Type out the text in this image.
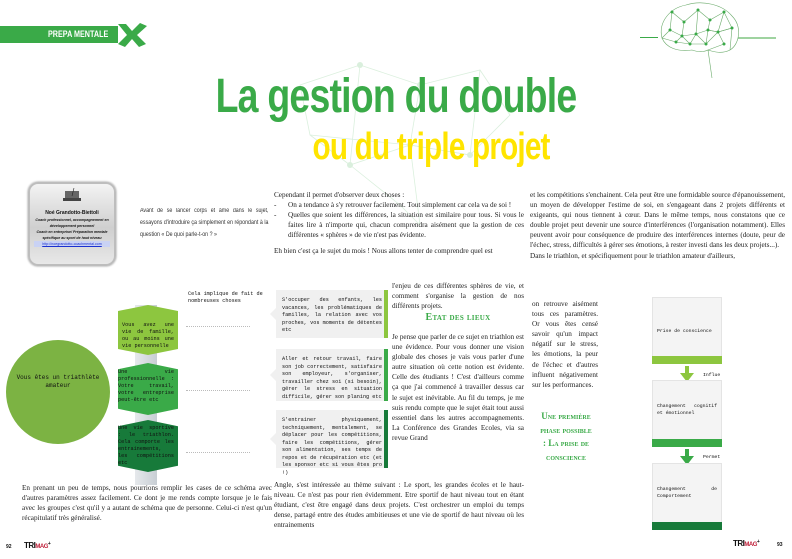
PREPA MENTALE
La gestion du double
ou du triple projet
Noé Grandotto-Biettoli
Coach professionnel, accompagnement en
développement personnel
Coach en entreprise/ Préparation mentale
spécifique au sport de haut niveau
http://noegrandotto-coachmental.com
Avant de se lancer corps et âme dans le sujet, essayons d'introduire ça simplement en répondant à la question « De quoi parle-t-on ? »
Vous êtes un triathlète amateur
Vous avez une vie de famille, ou au moins une vie personnelle
Une vie professionnelle : Votre travail, votre entreprise peut-être etc
Une vie sportive : le triathlon. Cela comporte les entrainements, les compétitions etc
Cela implique de fait de nombreuses choses	S'occuper des enfants, les vacances, les problématiques de familles, la relation avec vos proches, vos moments de détentes etc
Aller et retour travail, faire son job correctement, satisfaire son employeur, s'organiser, travailler chez soi (si besoin), gérer le stress en situation difficile, gérer son planing etc
S'entrainer physiquement, techniquement, mentalement, se déplacer pour les compétitions, faire les compétitions, gérer son alimentation, ses temps de repos et de récupération etc (et les sponsor etc si vous êtes pro !)

Cependant il permet d'observer deux choses :

-	On a tendance à s'y retrouver facilement. Tout simplement car cela va de soi !

-	Quelles que soient les différences, la situation est similaire pour tous. Si vous le faites lire à n'importe qui, chacun comprendra aisément que la gestion de ces différentes « sphères » de vie n'est pas évidente.

Eh bien c'est ça le sujet du mois ! Nous allons tenter de comprendre quel est

l'enjeu de ces différentes sphères de vie, et comment s'organise la gestion de nos différents projets.
Etat des lieux
Je pense que parler de ce sujet en triathlon est une évidence. Pour vous donner une vision globale des choses je vais vous parler d'une autre situation où cette notion est évidente. Celle des étudiants ! C'est d'ailleurs comme ça que j'ai commencé à travailler dessus car le sujet est inévitable. Au fil du temps, je me suis rendu compte que le sujet était tout aussi essentiel dans les autres accompagnements. La Conférence des Grandes Ecoles, via sa revue Grand
Angle, s'est intéressée au thème suivant : Le sport, les grandes écoles et le haut-niveau. Ce n'est pas pour rien évidemment. Etre sportif de haut niveau tout en étant étudiant, c'est être engagé dans deux projets. C'est orchestrer un emploi du temps dense, partagé entre des études ambitieuses et une vie de sportif de haut niveau où les entrainements

et les compétitions s'enchainent. Cela peut être une formidable source d'épanouissement, un moyen de développer l'estime de soi, en s'engageant dans 2 projets différents et exigeants, qui nous tiennent à cœur. Dans le même temps, nous constatons que ce double projet peut devenir une source d'interférences (l'organisation notamment). Elles peuvent avoir pour conséquence de produire des interférences internes (doute, peur de l'échec, stress, difficultés à gérer ses émotions, à rester investi dans les deux projets...).

Dans le triathlon, et spécifiquement pour le triathlon amateur d'ailleurs,

on retrouve aisément tous ces paramètres. Or vous êtes censé savoir qu'un impact négatif sur le stress, les émotions, la peur de l'échec et d'autres influent négativement sur les performances.
Une première phase possible : La prise de conscience
Prise de conscience
Influe
Changement cognitif et émotionnel
Permet
Changement de Comportement
En prenant un peu de temps, nous pourrions remplir les cases de ce schéma avec d'autres paramètres assez facilement. Ce dont je me rends compte lorsque je le fais avec les groupes c'est qu'il y a autant de schéma que de personne. Celui-ci n'est qu'un récapitulatif très généralisé.
92 TRIMAG+	TRIMAG+	93
